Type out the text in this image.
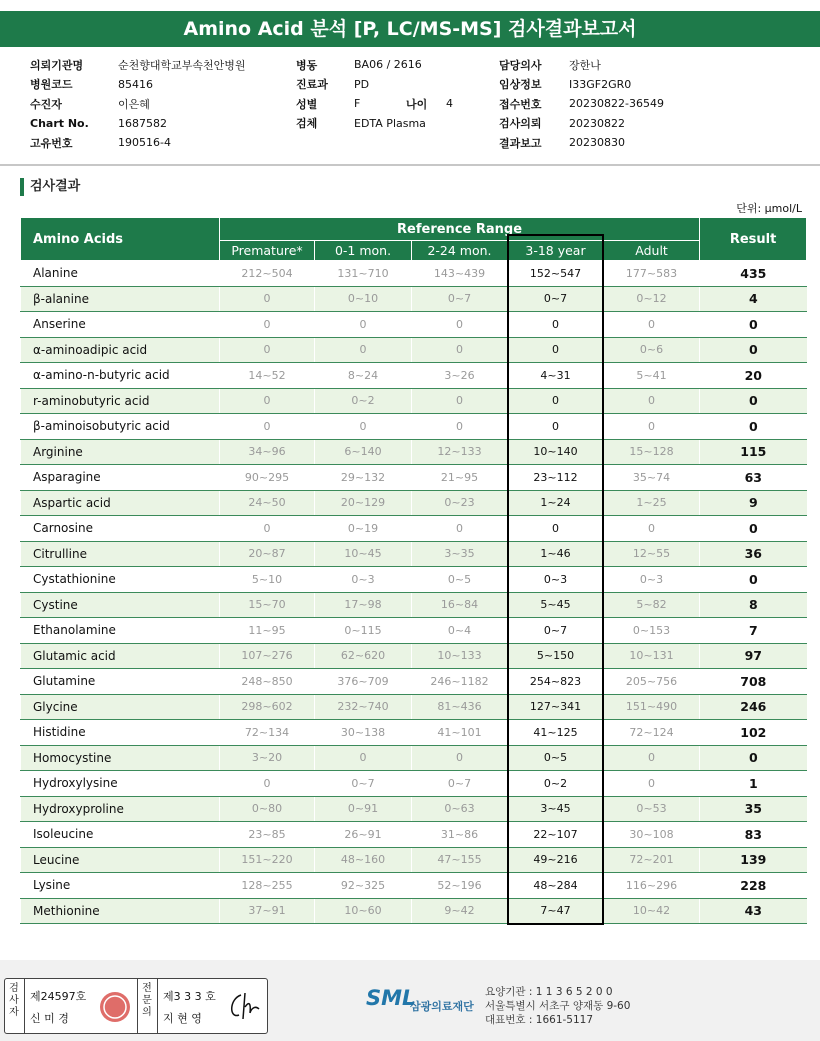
Amino Acid 분석 [P, LC/MS-MS] 검사결과보고서
의뢰기관명	순천향대학교부속천안병원
병원코드	85416
수진자	이은혜
Chart No.	1687582
고유번호	190516-4
병동	BA06 / 2616
진료과	PD
성별	F	나이	4
검체	EDTA Plasma
담당의사	장한나
임상정보	I33GF2GR0
접수번호	20230822-36549
검사의뢰	20230822
결과보고	20230830
검사결과
단위: μmol/L
Amino Acids	Reference Range					Result
	Premature*	0-1 mon.	2-24 mon.	3-18 year	Adult	
Alanine	212~504	131~710	143~439	152~547	177~583	435
β-alanine	0	0~10	0~7	0~7	0~12	4
Anserine	0	0	0	0	0	0
α-aminoadipic acid	0	0	0	0	0~6	0
α-amino-n-butyric acid	14~52	8~24	3~26	4~31	5~41	20
r-aminobutyric acid	0	0~2	0	0	0	0
β-aminoisobutyric acid	0	0	0	0	0	0
Arginine	34~96	6~140	12~133	10~140	15~128	115
Asparagine	90~295	29~132	21~95	23~112	35~74	63
Aspartic acid	24~50	20~129	0~23	1~24	1~25	9
Carnosine	0	0~19	0	0	0	0
Citrulline	20~87	10~45	3~35	1~46	12~55	36
Cystathionine	5~10	0~3	0~5	0~3	0~3	0
Cystine	15~70	17~98	16~84	5~45	5~82	8
Ethanolamine	11~95	0~115	0~4	0~7	0~153	7
Glutamic acid	107~276	62~620	10~133	5~150	10~131	97
Glutamine	248~850	376~709	246~1182	254~823	205~756	708
Glycine	298~602	232~740	81~436	127~341	151~490	246
Histidine	72~134	30~138	41~101	41~125	72~124	102
Homocystine	3~20	0	0	0~5	0	0
Hydroxylysine	0	0~7	0~7	0~2	0	1
Hydroxyproline	0~80	0~91	0~63	3~45	0~53	35
Isoleucine	23~85	26~91	31~86	22~107	30~108	83
Leucine	151~220	48~160	47~155	49~216	72~201	139
Lysine	128~255	92~325	52~196	48~284	116~296	228
Methionine	37~91	10~60	9~42	7~47	10~42	43
검사자
제24597호
신 미 경
전문의
제3 3 3 호
지 현 영
SML
삼광의료재단
요양기관 : 1 1 3 6 5 2 0 0
서울특별시 서초구 양재동 9-60
대표번호 : 1661-5117
